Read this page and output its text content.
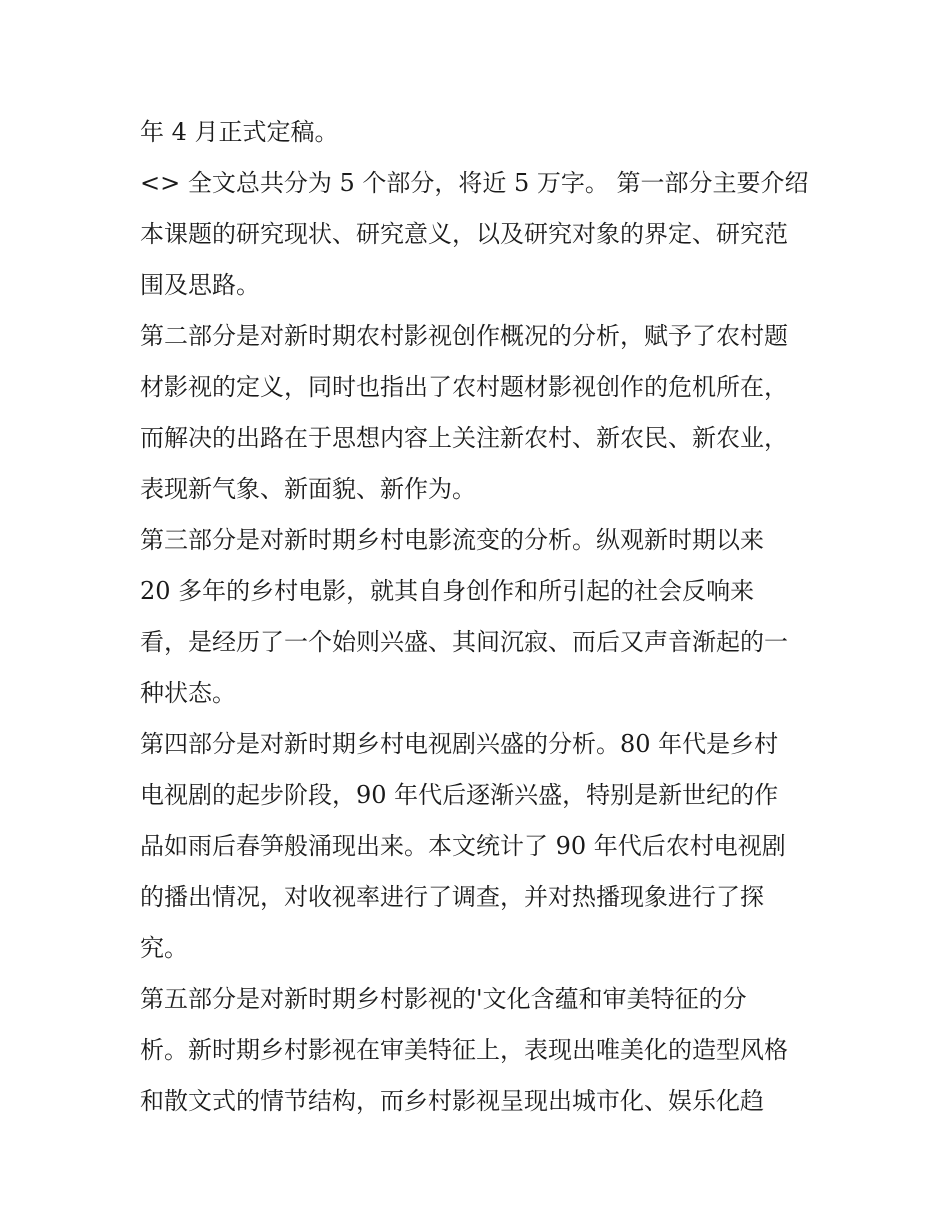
年 4 月正式定稿。
<> 全文总共分为 5 个部分，将近 5 万字。 第一部分主要介绍
本课题的研究现状、研究意义，以及研究对象的界定、研究范
围及思路。
第二部分是对新时期农村影视创作概况的分析，赋予了农村题
材影视的定义，同时也指出了农村题材影视创作的危机所在，
而解决的出路在于思想内容上关注新农村、新农民、新农业，
表现新气象、新面貌、新作为。
第三部分是对新时期乡村电影流变的分析。纵观新时期以来
20 多年的乡村电影，就其自身创作和所引起的社会反响来
看，是经历了一个始则兴盛、其间沉寂、而后又声音渐起的一
种状态。
第四部分是对新时期乡村电视剧兴盛的分析。80 年代是乡村
电视剧的起步阶段，90 年代后逐渐兴盛，特别是新世纪的作
品如雨后春笋般涌现出来。本文统计了 90 年代后农村电视剧
的播出情况，对收视率进行了调查，并对热播现象进行了探
究。
第五部分是对新时期乡村影视的'文化含蕴和审美特征的分
析。新时期乡村影视在审美特征上，表现出唯美化的造型风格
和散文式的情节结构，而乡村影视呈现出城市化、娱乐化趋
